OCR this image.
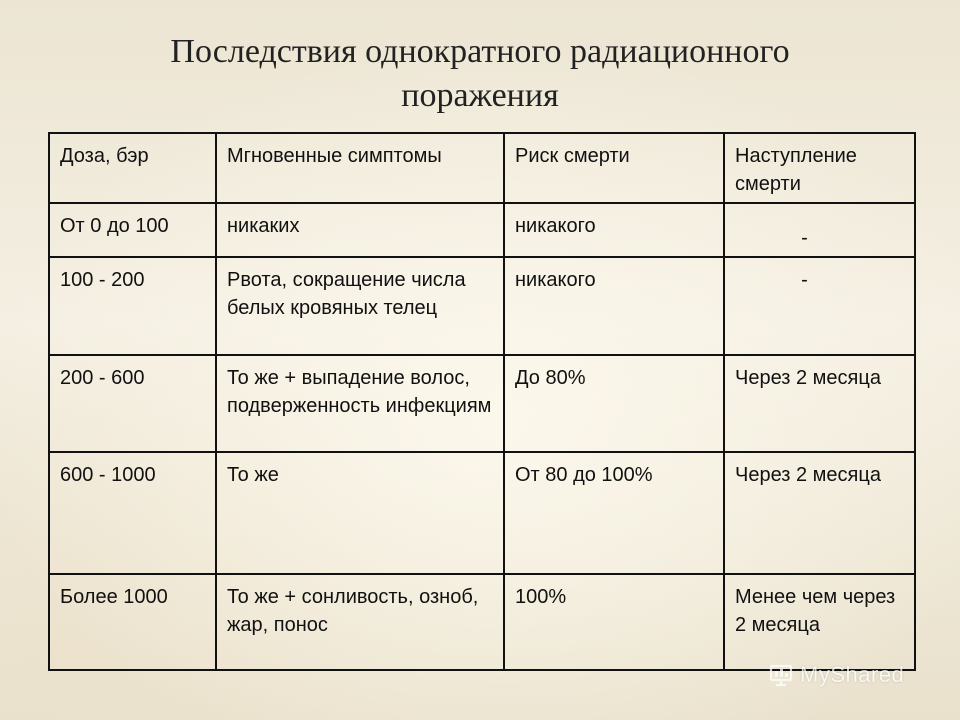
Последствия однократного радиационного
поражения
Доза, бэр	Мгновенные симптомы	Риск смерти	Наступление смерти
От 0 до 100	никаких	никакого	-
100 - 200	Рвота, сокращение числа белых кровяных телец	никакого	-
200 - 600	То же + выпадение волос, подверженность инфекциям	До 80%	Через 2 месяца
600 - 1000	То же	От 80 до 100%	Через 2 месяца
Более 1000	То же + сонливость, озноб, жар, понос	100%	Менее чем через 2 месяца
MyShared
